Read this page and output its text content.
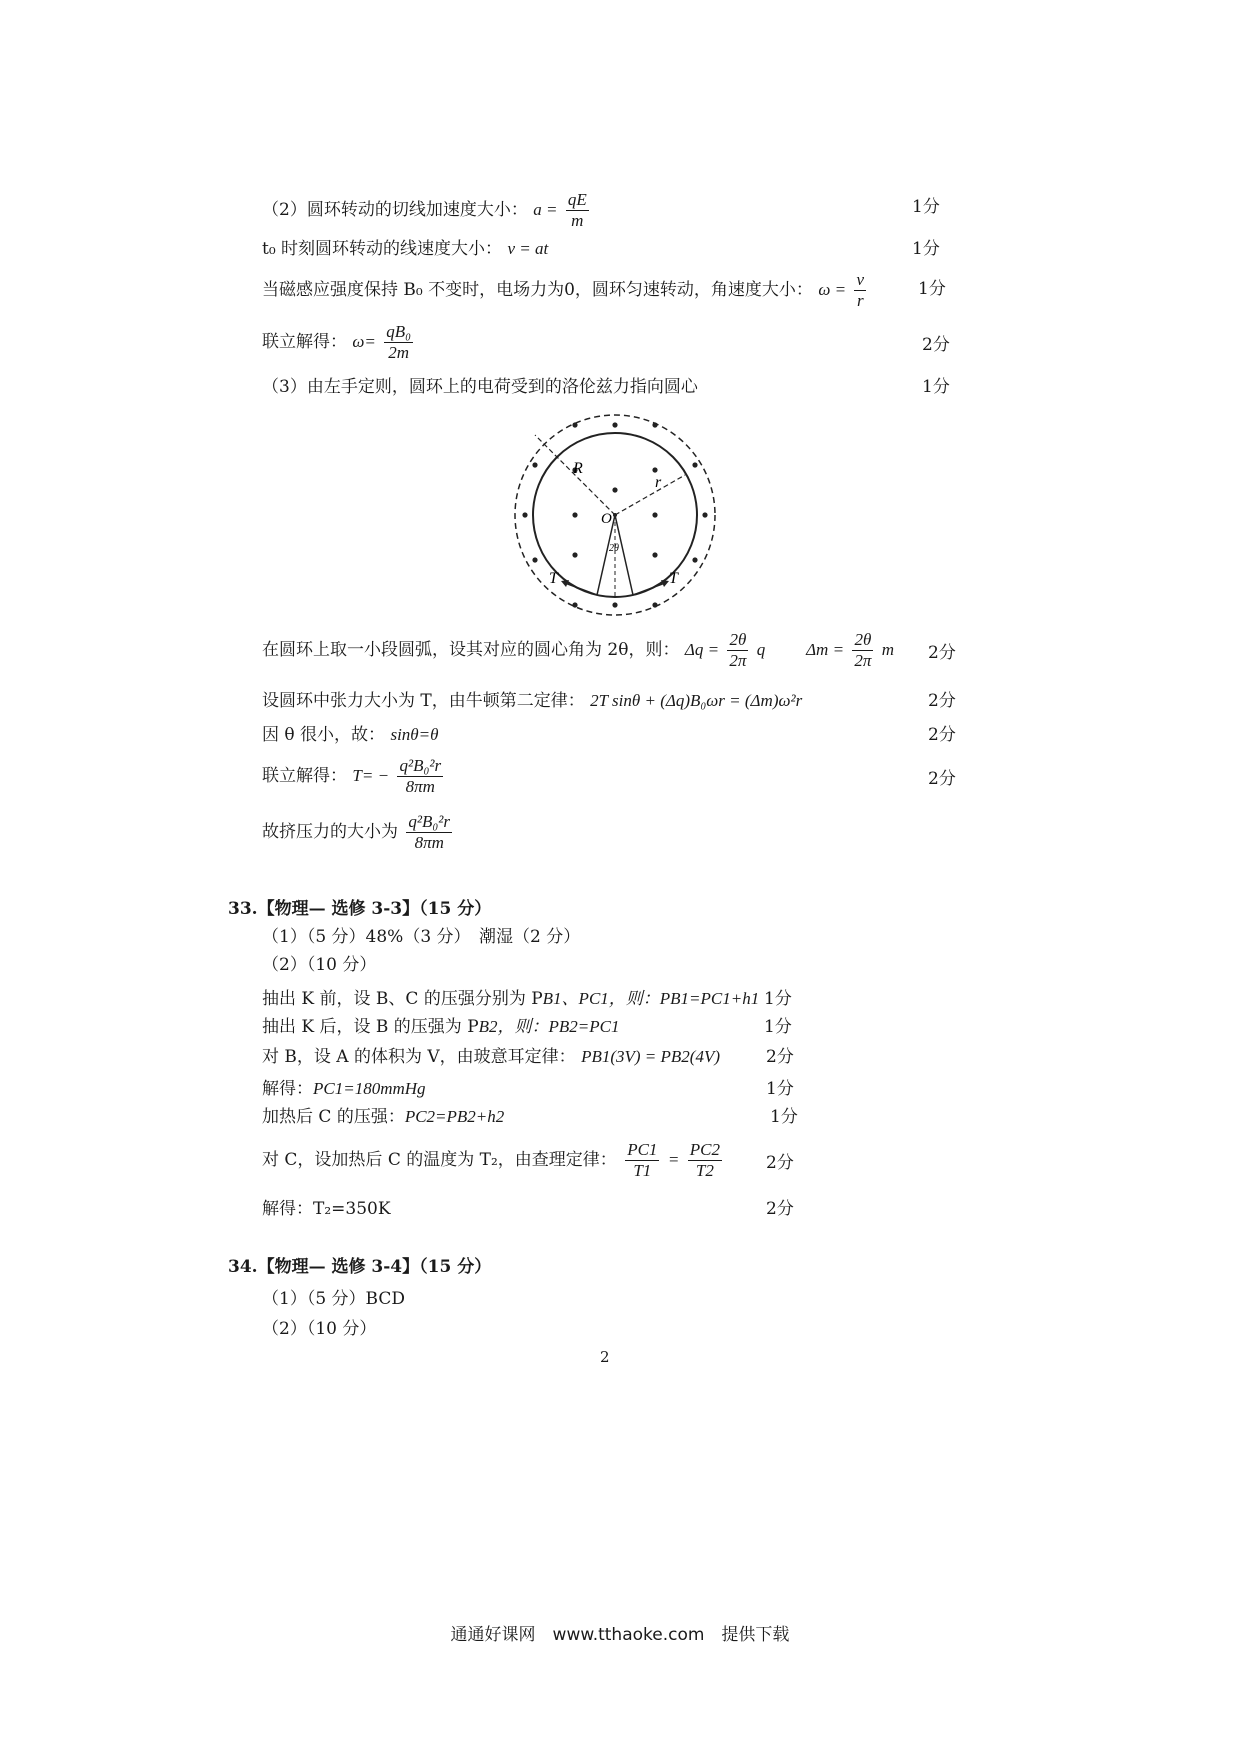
（2）圆环转动的切线加速度大小： $a = \frac{qE}{m}$	1分
t₀ 时刻圆环转动的线速度大小： v = at	1分
当磁感应强度保持 B₀ 不变时，电场力为0，圆环匀速转动，角速度大小： $\omega = \frac{v}{r}$	1分
联立解得： $\omega= \frac{\text{qB₀}}{2m}$	2分
（3）由左手定则，圆环上的电荷受到的洛伦兹力指向圆心	1分
R
r
O
2θ
T	T
在圆环上取一小段圆弧，设其对应的圆心角为 2θ，则： $\Delta q = \frac{2\theta}{2\pi}$ q $\Delta m = \frac{2\theta}{2\pi}$ m 2分
设圆环中张力大小为 T，由牛顿第二定律： 2T sinθ + (Δq)B₀ωr = (Δm)ω²r	2分
因 θ 很小，故： sinθ=θ	2分
联立解得： $T= - \frac{\text{q²B₀²r}}{8\pi m}$	2分
故挤压力的大小为 $\frac{\text{q²B₀²r}}{8\pi m}$
33.【物理— 选修 3-3】（15 分）
（1）（5 分）48%（3 分）　潮湿（2 分）
（2）（10 分）
抽出 K 前，设 B、C 的压强分别为 PB1、PC1，则：PB1=PC1+h1 1分
抽出 K 后，设 B 的压强为 PB2，则：PB2=PC1	1分
对 B，设 A 的体积为 V，由玻意耳定律： PB1(3V) = PB2(4V)	2分
解得：PC1=180mmHg	1分
加热后 C 的压强：PC2=PB2+h2	1分
对 C，设加热后 C 的温度为 T₂，由查理定律： $\frac{PC1}{T1} = \frac{PC2}{T2}$	2分
解得：T₂=350K	2分
34.【物理— 选修 3-4】（15 分）
（1）（5 分）BCD
（2）（10 分）
2
通通好课网　www.tthaoke.com　提供下载
